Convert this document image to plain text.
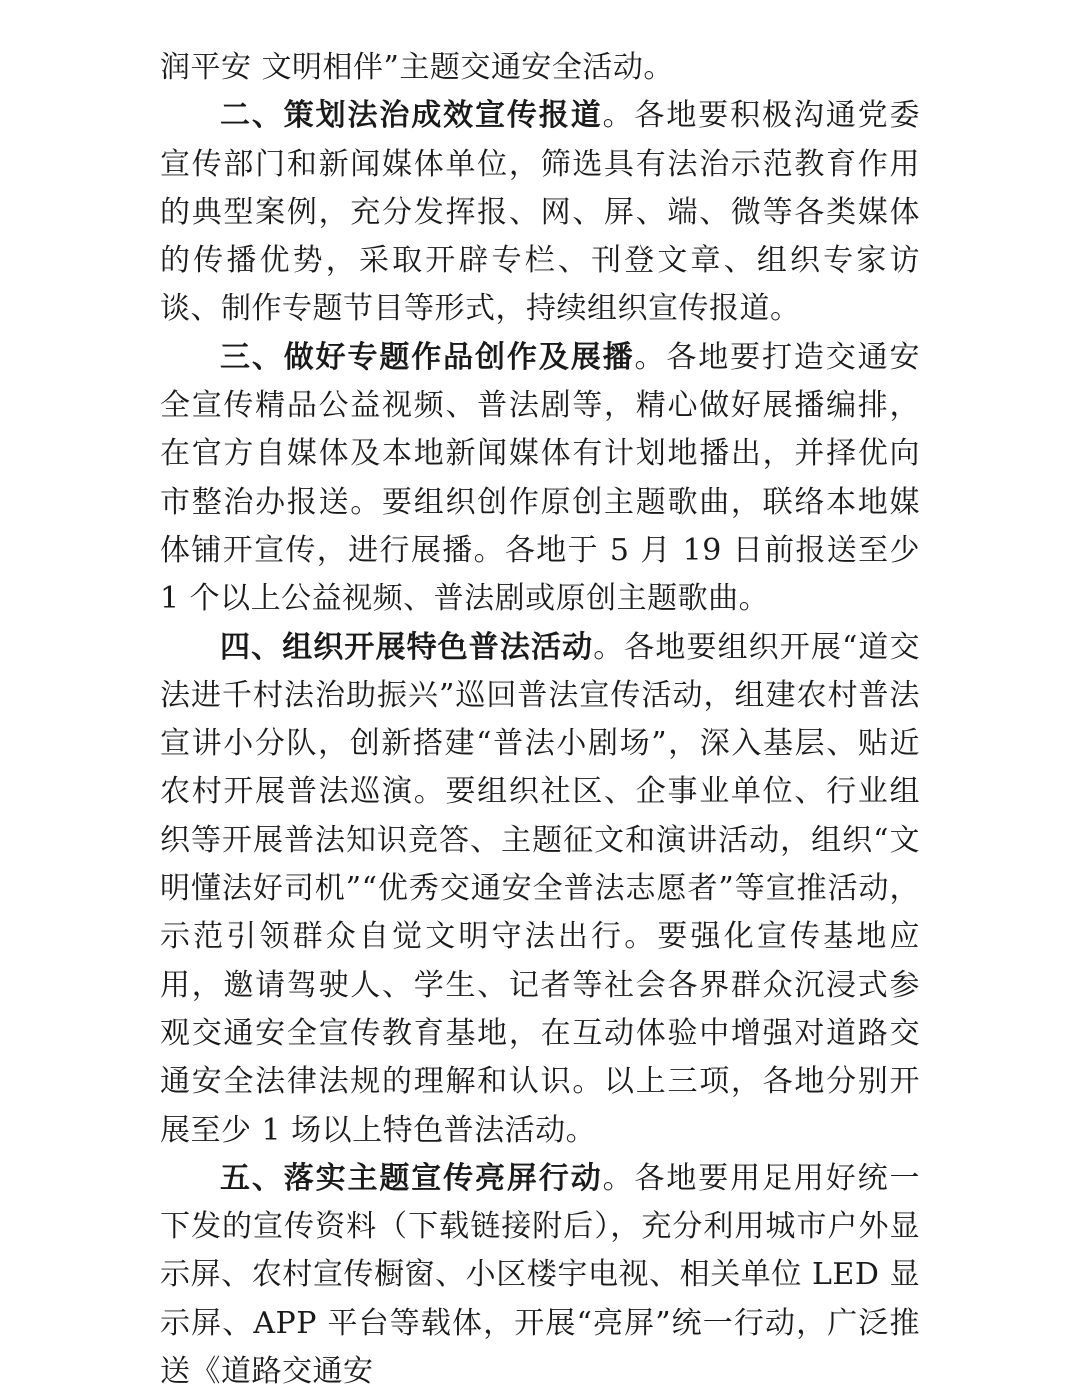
润平安 文明相伴”主题交通安全活动。

二、策划法治成效宣传报道。各地要积极沟通党委宣传部门和新闻媒体单位，筛选具有法治示范教育作用的典型案例，充分发挥报、网、屏、端、微等各类媒体的传播优势，采取开辟专栏、刊登文章、组织专家访谈、制作专题节目等形式，持续组织宣传报道。

三、做好专题作品创作及展播。各地要打造交通安全宣传精品公益视频、普法剧等，精心做好展播编排，在官方自媒体及本地新闻媒体有计划地播出，并择优向市整治办报送。要组织创作原创主题歌曲，联络本地媒体铺开宣传，进行展播。各地于 5 月 19 日前报送至少 1 个以上公益视频、普法剧或原创主题歌曲。

四、组织开展特色普法活动。各地要组织开展“道交法进千村法治助振兴”巡回普法宣传活动，组建农村普法宣讲小分队，创新搭建“普法小剧场”，深入基层、贴近农村开展普法巡演。要组织社区、企事业单位、行业组织等开展普法知识竞答、主题征文和演讲活动，组织“文明懂法好司机”“优秀交通安全普法志愿者”等宣推活动，示范引领群众自觉文明守法出行。要强化宣传基地应用，邀请驾驶人、学生、记者等社会各界群众沉浸式参观交通安全宣传教育基地，在互动体验中增强对道路交通安全法律法规的理解和认识。以上三项，各地分别开展至少 1 场以上特色普法活动。

五、落实主题宣传亮屏行动。各地要用足用好统一下发的宣传资料（下载链接附后），充分利用城市户外显示屏、农村宣传橱窗、小区楼宇电视、相关单位 LED 显示屏、APP 平台等载体，开展“亮屏”统一行动，广泛推送《道路交通安
